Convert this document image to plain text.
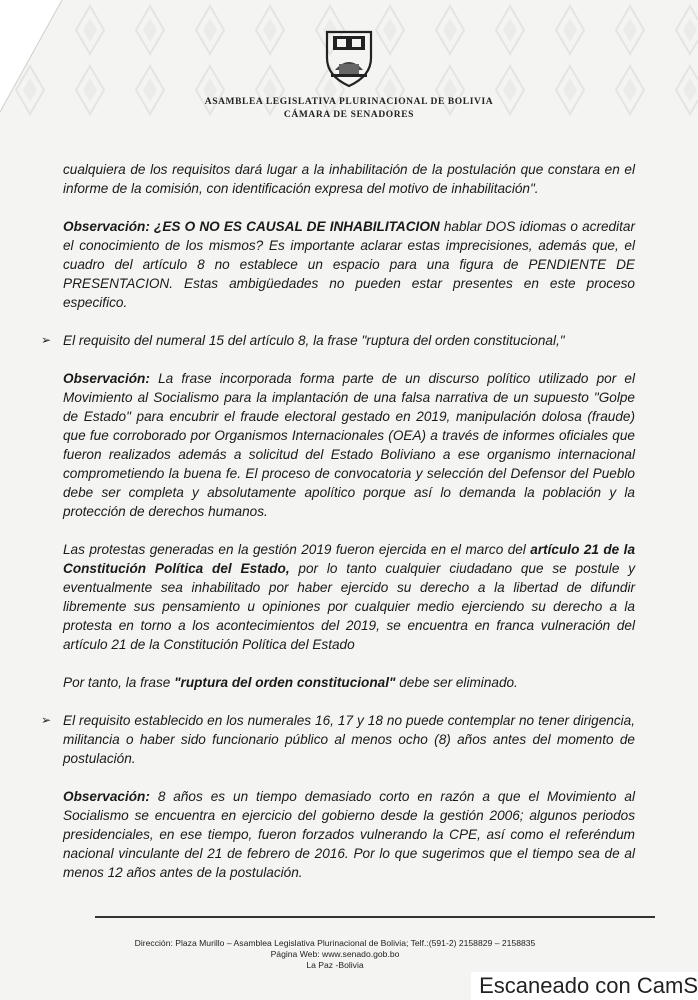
ASAMBLEA LEGISLATIVA PLURINACIONAL DE BOLIVIA
CÁMARA DE SENADORES

cualquiera de los requisitos dará lugar a la inhabilitación de la postulación que constara en el informe de la comisión, con identificación expresa del motivo de inhabilitación".

Observación: ¿ES O NO ES CAUSAL DE INHABILITACION hablar DOS idiomas o acreditar el conocimiento de los mismos? Es importante aclarar estas imprecisiones, además que, el cuadro del artículo 8 no establece un espacio para una figura de PENDIENTE DE PRESENTACION. Estas ambigüedades no pueden estar presentes en este proceso especifico.

➢ El requisito del numeral 15 del artículo 8, la frase "ruptura del orden constitucional,"

Observación: La frase incorporada forma parte de un discurso político utilizado por el Movimiento al Socialismo para la implantación de una falsa narrativa de un supuesto "Golpe de Estado" para encubrir el fraude electoral gestado en 2019, manipulación dolosa (fraude) que fue corroborado por Organismos Internacionales (OEA) a través de informes oficiales que fueron realizados además a solicitud del Estado Boliviano a ese organismo internacional comprometiendo la buena fe. El proceso de convocatoria y selección del Defensor del Pueblo debe ser completa y absolutamente apolítico porque así lo demanda la población y la protección de derechos humanos.

Las protestas generadas en la gestión 2019 fueron ejercida en el marco del artículo 21 de la Constitución Política del Estado, por lo tanto cualquier ciudadano que se postule y eventualmente sea inhabilitado por haber ejercido su derecho a la libertad de difundir libremente sus pensamiento u opiniones por cualquier medio ejerciendo su derecho a la protesta en torno a los acontecimientos del 2019, se encuentra en franca vulneración del artículo 21 de la Constitución Política del Estado

Por tanto, la frase "ruptura del orden constitucional" debe ser eliminado.

➢ El requisito establecido en los numerales 16, 17 y 18 no puede contemplar no tener dirigencia, militancia o haber sido funcionario público al menos ocho (8) años antes del momento de postulación.

Observación: 8 años es un tiempo demasiado corto en razón a que el Movimiento al Socialismo se encuentra en ejercicio del gobierno desde la gestión 2006; algunos periodos presidenciales, en ese tiempo, fueron forzados vulnerando la CPE, así como el referéndum nacional vinculante del 21 de febrero de 2016. Por lo que sugerimos que el tiempo sea de al menos 12 años antes de la postulación.

Dirección: Plaza Murillo – Asamblea Legislativa Plurinacional de Bolivia; Telf.:(591-2) 2158829 – 2158835
Página Web: www.senado.gob.bo
La Paz -Bolivia
Escaneado con CamS
